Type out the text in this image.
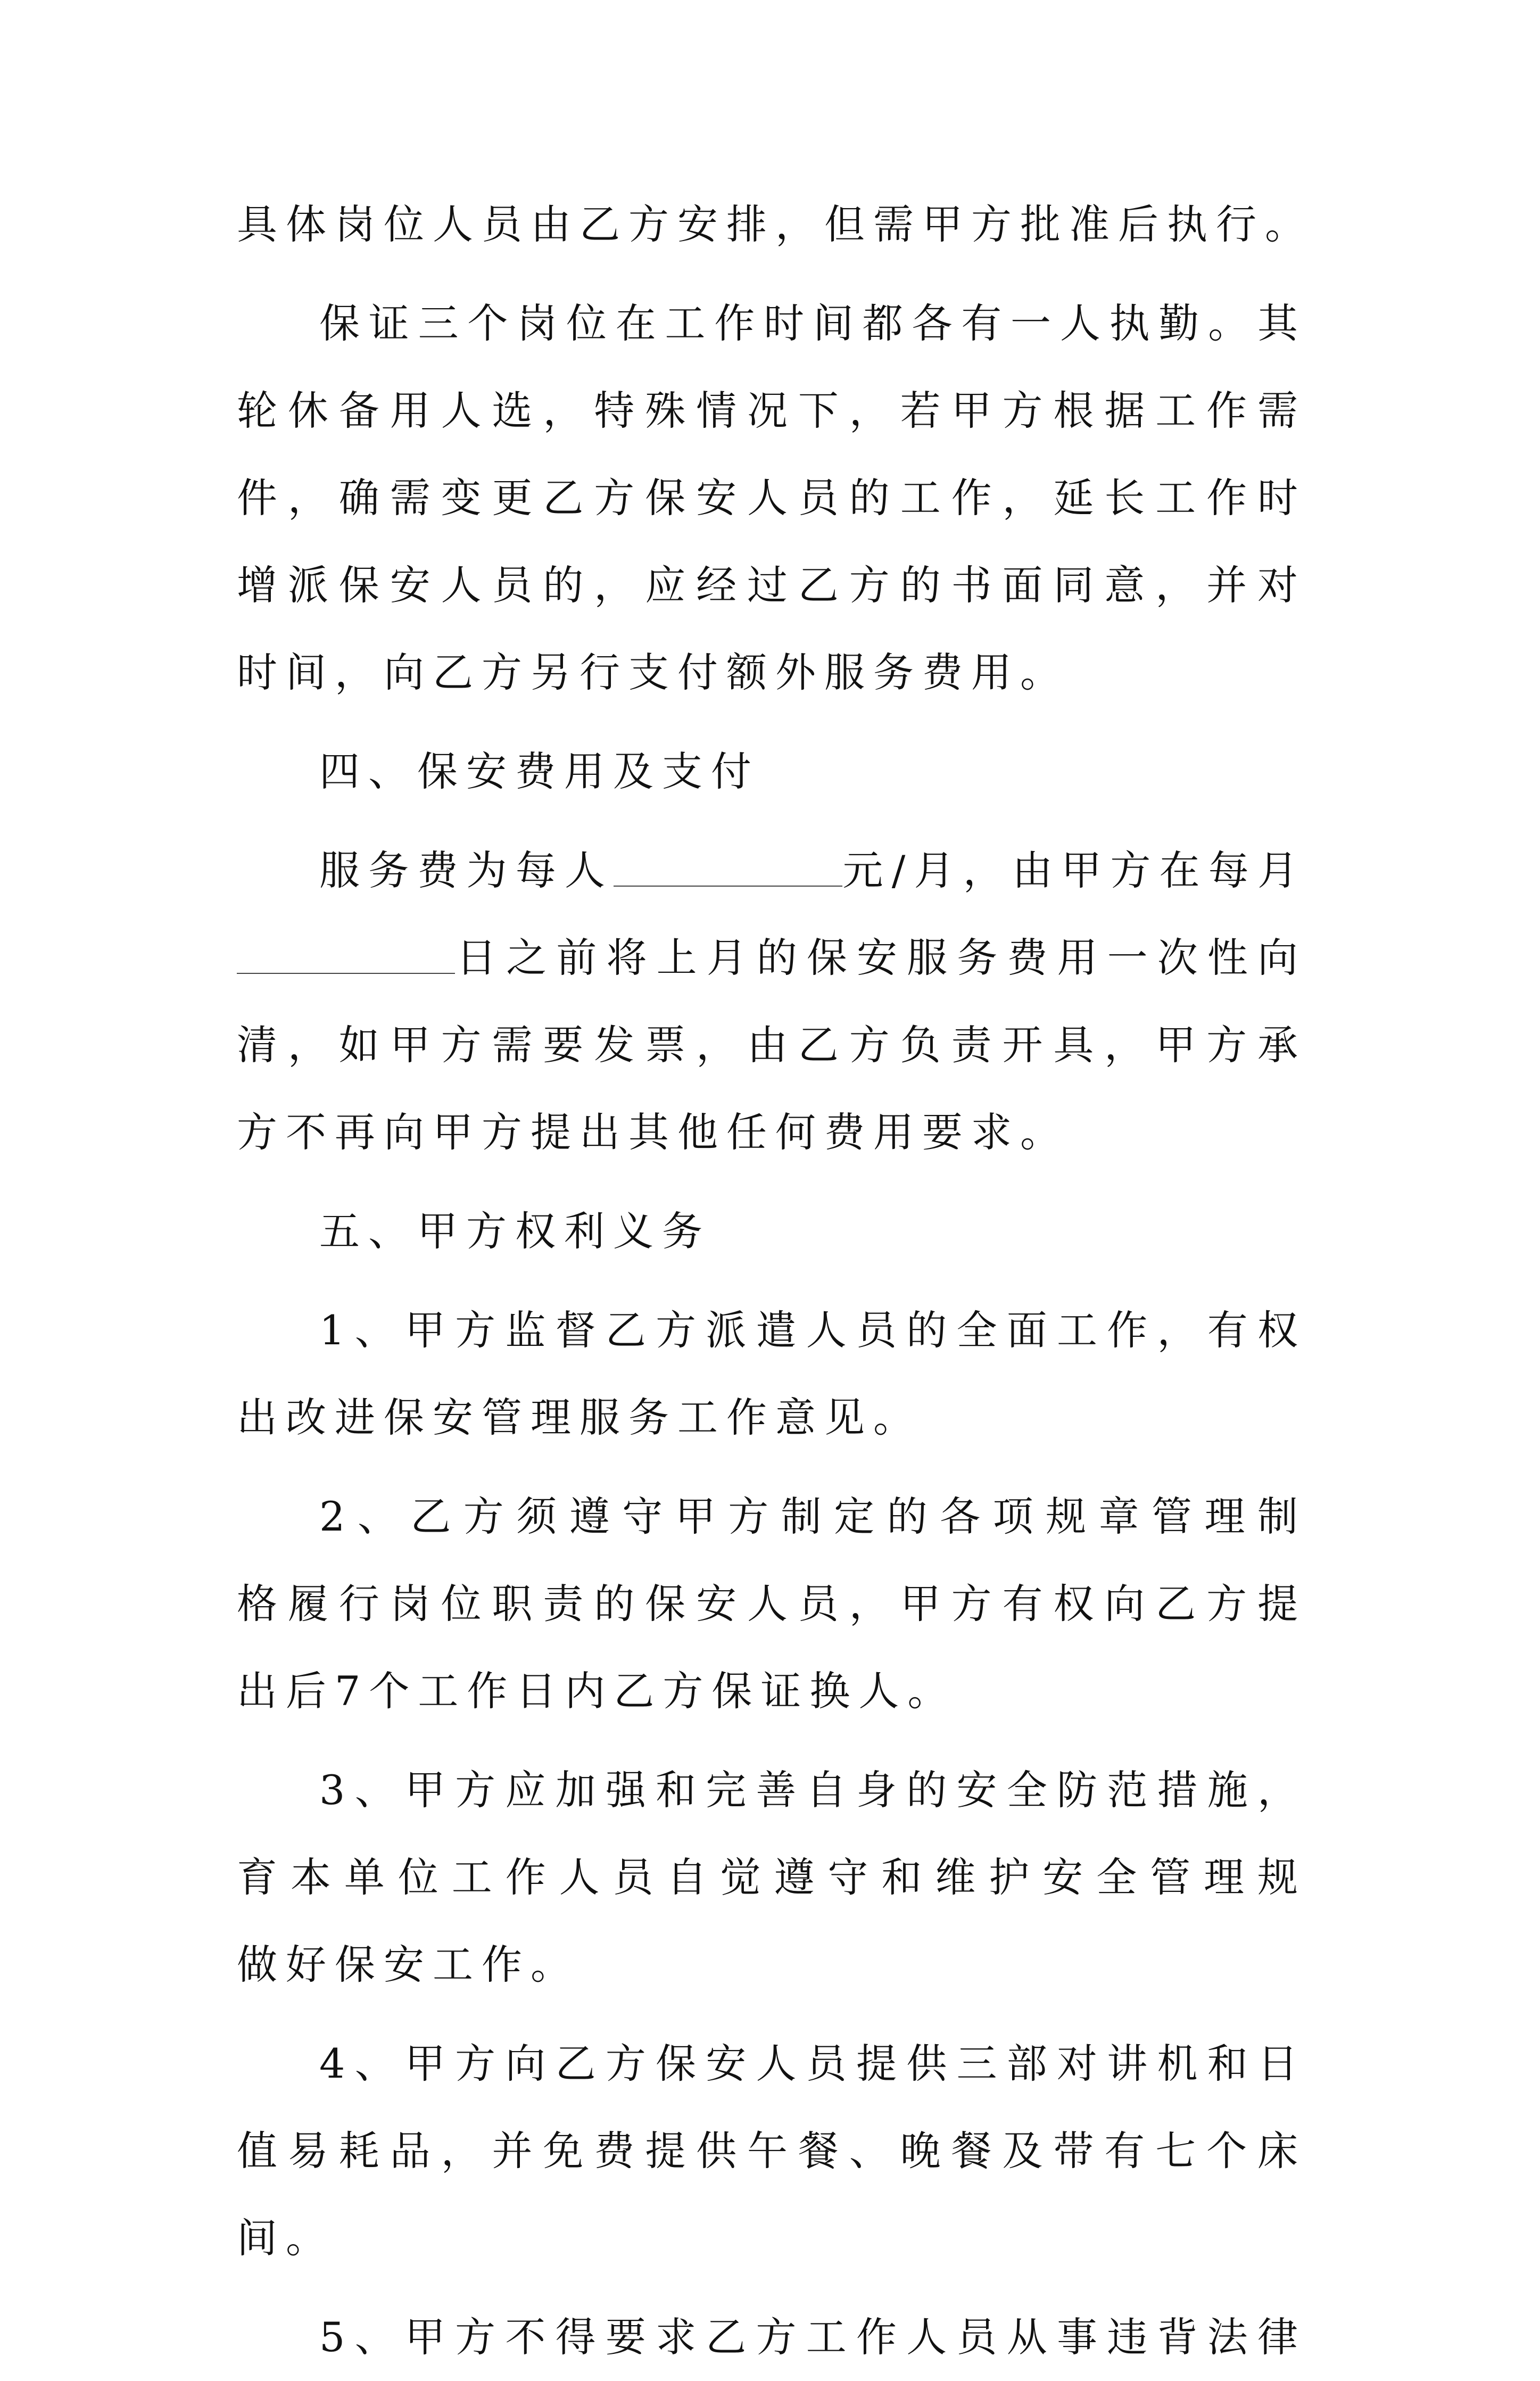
具体岗位人员由乙方安排，但需甲方批准后执行。
保证三个岗位在工作时间都各有一人执勤。其
轮休备用人选，特殊情况下，若甲方根据工作需
件，确需变更乙方保安人员的工作，延长工作时
增派保安人员的，应经过乙方的书面同意，并对
时间，向乙方另行支付额外服务费用。
四、保安费用及支付
服务费为每人	元/月，由甲方在每月
日之前将上月的保安服务费用一次性向
清，如甲方需要发票，由乙方负责开具，甲方承
方不再向甲方提出其他任何费用要求。
五、甲方权利义务
1、甲方监督乙方派遣人员的全面工作，有权
出改进保安管理服务工作意见。
2、乙方须遵守甲方制定的各项规章管理制
格履行岗位职责的保安人员，甲方有权向乙方提
出后7个工作日内乙方保证换人。
3、甲方应加强和完善自身的安全防范措施，
育本单位工作人员自觉遵守和维护安全管理规
做好保安工作。
4、甲方向乙方保安人员提供三部对讲机和日
值易耗品，并免费提供午餐、晚餐及带有七个床
间。
5、甲方不得要求乙方工作人员从事违背法律
